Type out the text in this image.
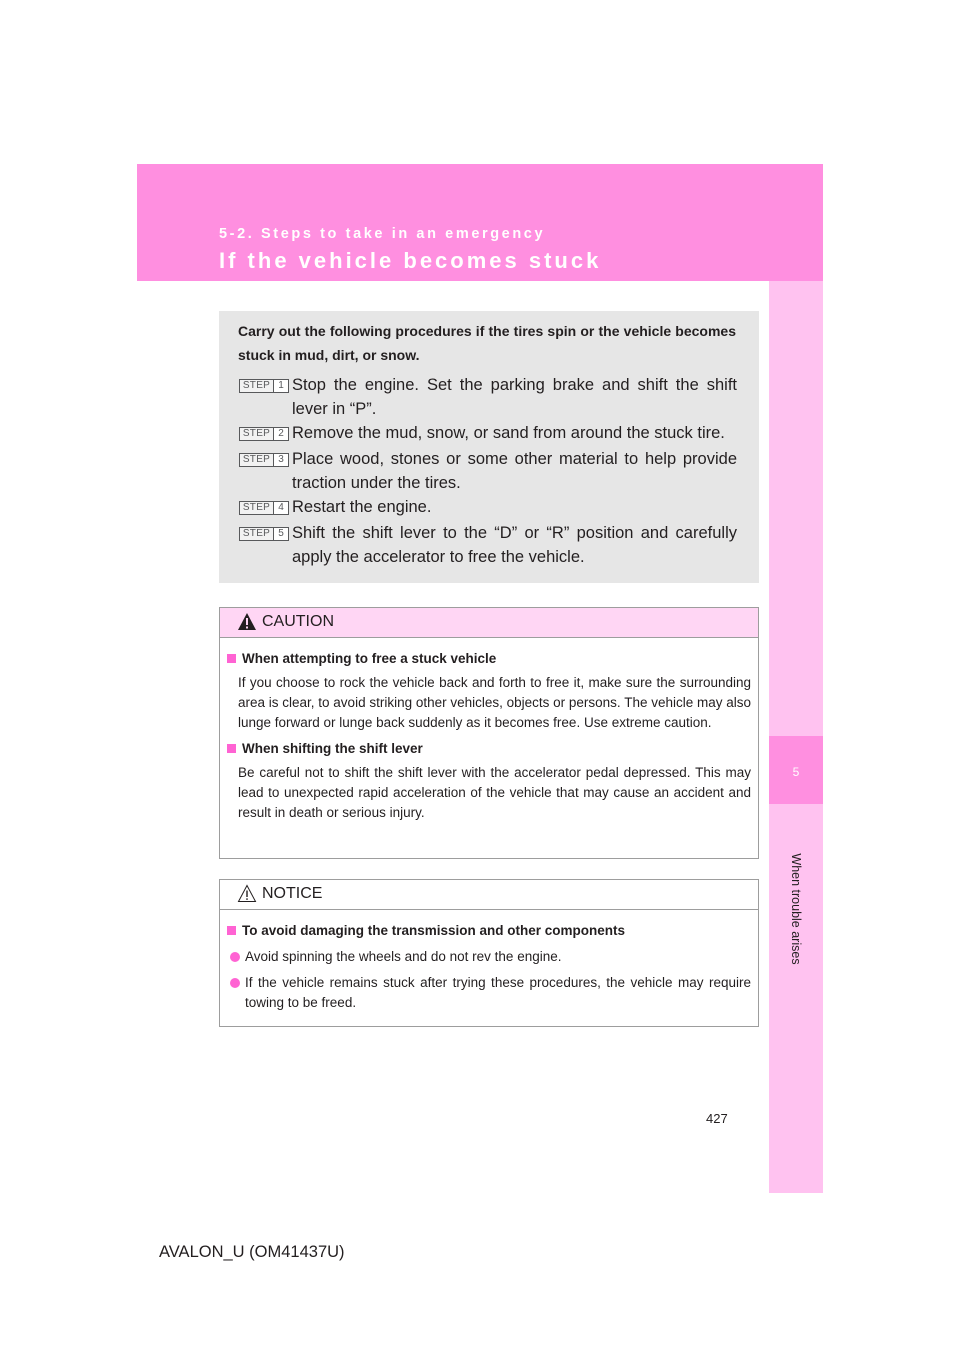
5-2. Steps to take in an emergency
If the vehicle becomes stuck
5
When trouble arises
Carry out the following procedures if the tires spin or the vehicle becomes stuck in mud, dirt, or snow.
STEP 1 Stop the engine. Set the parking brake and shift the shift lever in “P”.
STEP 2 Remove the mud, snow, or sand from around the stuck tire.
STEP 3 Place wood, stones or some other material to help provide traction under the tires.
STEP 4 Restart the engine.
STEP 5 Shift the shift lever to the “D” or “R” position and carefully apply the accelerator to free the vehicle.
CAUTION
When attempting to free a stuck vehicle
If you choose to rock the vehicle back and forth to free it, make sure the surrounding area is clear, to avoid striking other vehicles, objects or persons. The vehicle may also lunge forward or lunge back suddenly as it becomes free. Use extreme caution.
When shifting the shift lever
Be careful not to shift the shift lever with the accelerator pedal depressed. This may lead to unexpected rapid acceleration of the vehicle that may cause an accident and result in death or serious injury.
NOTICE
To avoid damaging the transmission and other components
Avoid spinning the wheels and do not rev the engine.
If the vehicle remains stuck after trying these procedures, the vehicle may require towing to be freed.
427
AVALON_U (OM41437U)
